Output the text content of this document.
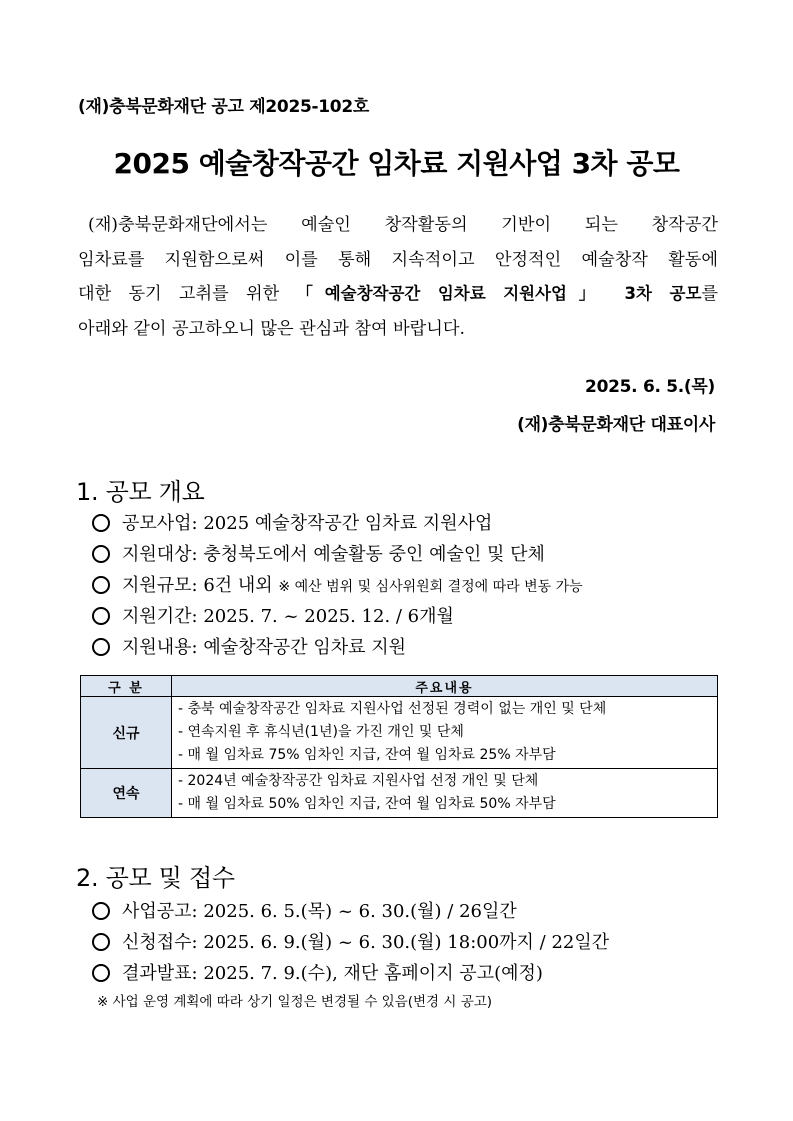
(재)충북문화재단 공고 제2025-102호
2025 예술창작공간 임차료 지원사업 3차 공모
(재)충북문화재단에서는 예술인 창작활동의 기반이 되는 창작공간
임차료를 지원함으로써 이를 통해 지속적이고 안정적인 예술창작 활동에
대한 동기 고취를 위한 「예술창작공간 임차료 지원사업」 3차 공모를
아래와 같이 공고하오니 많은 관심과 참여 바랍니다.
2025. 6. 5.(목)
(재)충북문화재단 대표이사
1. 공모 개요
공모사업: 2025 예술창작공간 임차료 지원사업
지원대상: 충청북도에서 예술활동 중인 예술인 및 단체
지원규모: 6건 내외 ※ 예산 범위 및 심사위원회 결정에 따라 변동 가능
지원기간: 2025. 7. ~ 2025. 12. / 6개월
지원내용: 예술창작공간 임차료 지원
구 분	주요내용
신규	- 충북 예술창작공간 임차료 지원사업 선정된 경력이 없는 개인 및 단체
- 연속지원 후 휴식년(1년)을 가진 개인 및 단체
- 매 월 임차료 75% 임차인 지급, 잔여 월 임차료 25% 자부담

연속	- 2024년 예술창작공간 임차료 지원사업 선정 개인 및 단체
- 매 월 임차료 50% 임차인 지급, 잔여 월 임차료 50% 자부담
2. 공모 및 접수
사업공고: 2025. 6. 5.(목) ~ 6. 30.(월) / 26일간
신청접수: 2025. 6. 9.(월) ~ 6. 30.(월) 18:00까지 / 22일간
결과발표: 2025. 7. 9.(수), 재단 홈페이지 공고(예정)
※ 사업 운영 계획에 따라 상기 일정은 변경될 수 있음(변경 시 공고)
